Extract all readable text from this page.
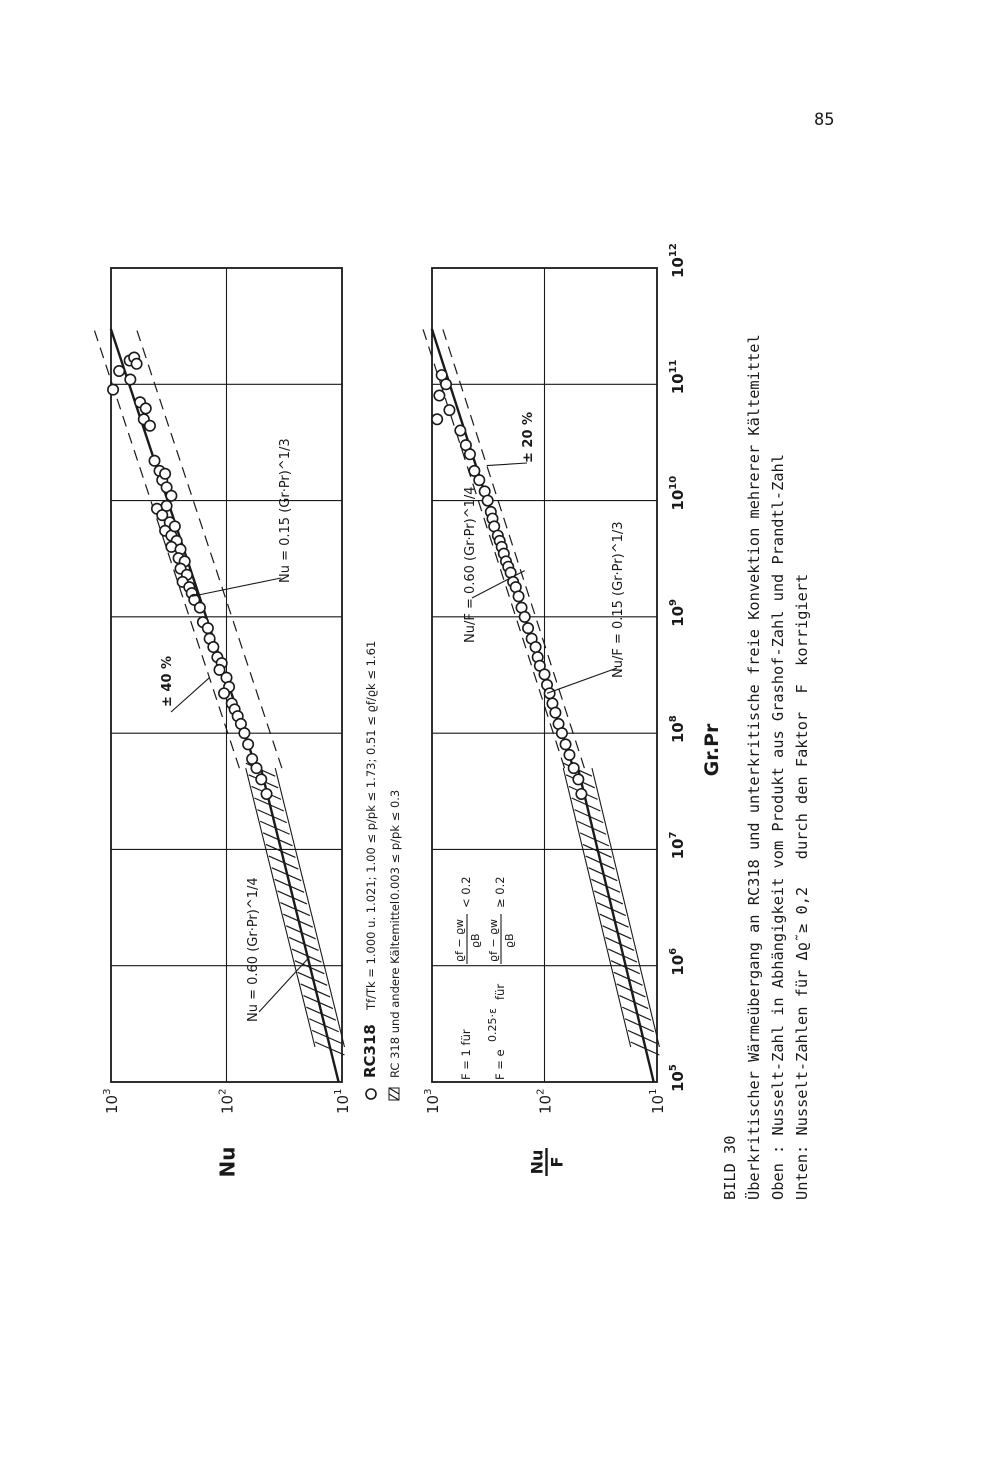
85
$10^1$
$10^2$
$10^3$
Nu
Nu = 0.60 (Gr·Pr)^1/4
Nu = 0.15 (Gr·Pr)^1/3
± 40 %
$10^1$
$10^2$
$10^3$
Nu F
Nu/F = 0.60 (Gr·Pr)^1/4	Nu/F = 0.15 (Gr·Pr)^1/3
± 20 %
$10^5$
$10^6$
$10^7$
$10^8$
$10^9$
$10^{10}$
$10^{11}$
$10^{12}$
RC318
Tf/Tk = 1.000 u. 1.021; 1.00 ≤ p/pk ≤ 1.73; 0.51 ≤ ϱf/ϱk ≤ 1.61 RC 318 und andere Kältemittel
0.003 ≤ p/pk ≤ 0.3
F = 1 für
ϱf − ϱw ϱB
< 0.2
F = e
0.25·ε
für
ϱf − ϱw ϱB
≥ 0.2
Gr.Pr
BILD 30 Überkritischer Wärmeübergang an RC318 und unterkritische freie Konvektion mehrerer Kältemittel Oben : Nusselt-Zahl in Abhängigkeit vom Produkt aus Grashof-Zahl und Prandtl-Zahl Unten: Nusselt-Zahlen für Δϱ̃ ≥ 0,2   durch den Faktor  F  korrigiert
